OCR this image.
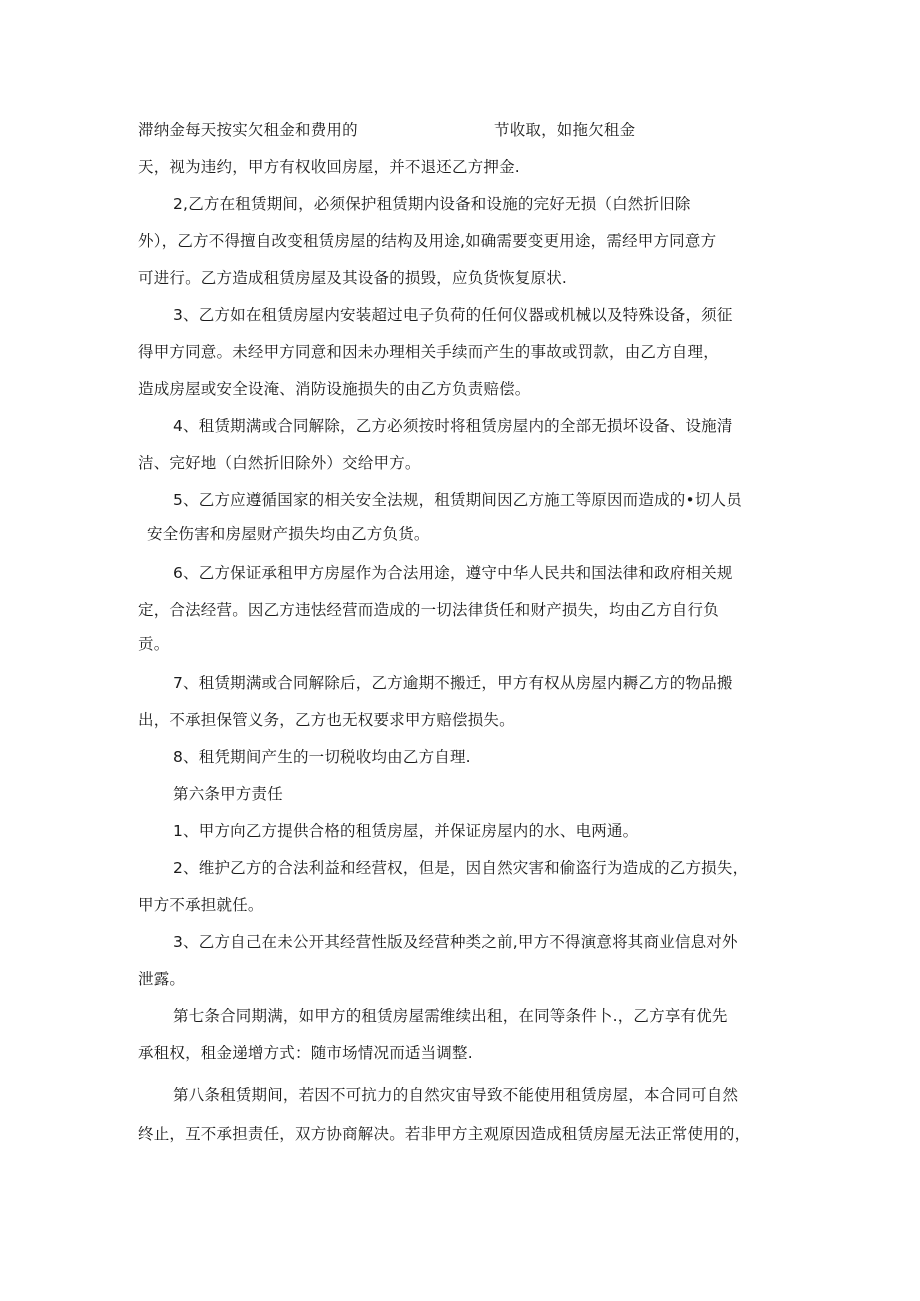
滞纳金每天按实欠租金和费用的	节收取，如拖欠租金
天，视为违约，甲方有权收回房屋，并不退还乙方押金.
2,乙方在租赁期间，必须保护租赁期内设备和设施的完好无损（白然折旧除
外），乙方不得擅自改变租赁房屋的结构及用途,如确需要变更用途，需经甲方同意方
可进行。乙方造成租赁房屋及其设备的损毁，应负货恢复原状.
3、乙方如在租赁房屋内安装超过电子负荷的任何仪器或机械以及特殊设备，须征
得甲方同意。未经甲方同意和因未办理相关手续而产生的事故或罚款，由乙方自理，
造成房屋或安全设淹、消防设施损失的由乙方负责赔偿。
4、租赁期满或合同解除，乙方必须按时将租赁房屋内的全部无损坏设备、设施清
洁、完好地（白然折旧除外）交给甲方。
5、乙方应遵循国家的相关安全法规，租赁期间因乙方施工等原因而造成的•切人员
安全伤害和房屋财产损失均由乙方负货。
6、乙方保证承租甲方房屋作为合法用途，遵守中华人民共和国法律和政府相关规
定，合法经营。因乙方违怯经营而造成的一切法律货任和财产损失，均由乙方自行负
贡。
7、租赁期满或合同解除后，乙方逾期不搬迁，甲方有权从房屋内耨乙方的物品搬
出，不承担保管义务，乙方也无权要求甲方赔偿损失。
8、租凭期间产生的一切税收均由乙方自理.
第六条甲方责任
1、甲方向乙方提供合格的租赁房屋，并保证房屋内的水、电两通。
2、维护乙方的合法利益和经营权，但是，因自然灾害和偷盗行为造成的乙方损失，
甲方不承担就任。
3、乙方自己在未公开其经营性版及经营种类之前,甲方不得演意将其商业信息对外
泄露。
第七条合同期满，如甲方的租赁房屋需维续出租，在同等条件卜.，乙方享有优先
承租权，租金递增方式：随市场情况而适当调整.
第八条租赁期间，若因不可抗力的自然灾宙导致不能使用租赁房屋，本合同可自然
终止，互不承担责任，双方协商解决。若非甲方主观原因造成租赁房屋无法正常使用的，
